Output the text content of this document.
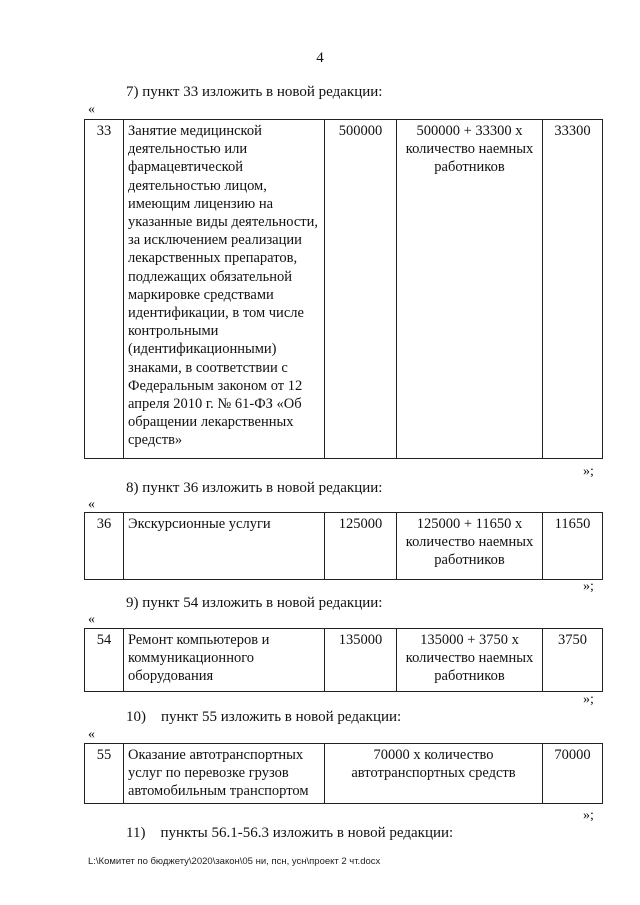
4
7) пункт 33 изложить в новой редакции:
«
33	Занятие медицинской деятельностью или фармацевтической деятельностью лицом, имеющим лицензию на указанные виды деятельности, за исключением реализации лекарственных препаратов, подлежащих обязательной маркировке средствами идентификации, в том числе контрольными (идентификационными) знаками, в соответствии с Федеральным законом от 12 апреля 2010 г. № 61-ФЗ «Об обращении лекарственных средств»	500000	500000 + 33300 x количество наемных работников	33300
»;
8) пункт 36 изложить в новой редакции:
«
36	Экскурсионные услуги	125000	125000 + 11650 x количество наемных работников	11650
»;
9) пункт 54 изложить в новой редакции:
«
54	Ремонт компьютеров и коммуникационного оборудования	135000	135000 + 3750 x количество наемных работников	3750
»;
10)    пункт 55 изложить в новой редакции:
«
55	Оказание автотранспортных услуг по перевозке грузов автомобильным транспортом	70000 x количество автотранспортных средств	70000
»;
11)    пункты 56.1-56.3 изложить в новой редакции:
L:\Комитет по бюджету\2020\закон\05 ни, псн, усн\проект 2 чт.docx
